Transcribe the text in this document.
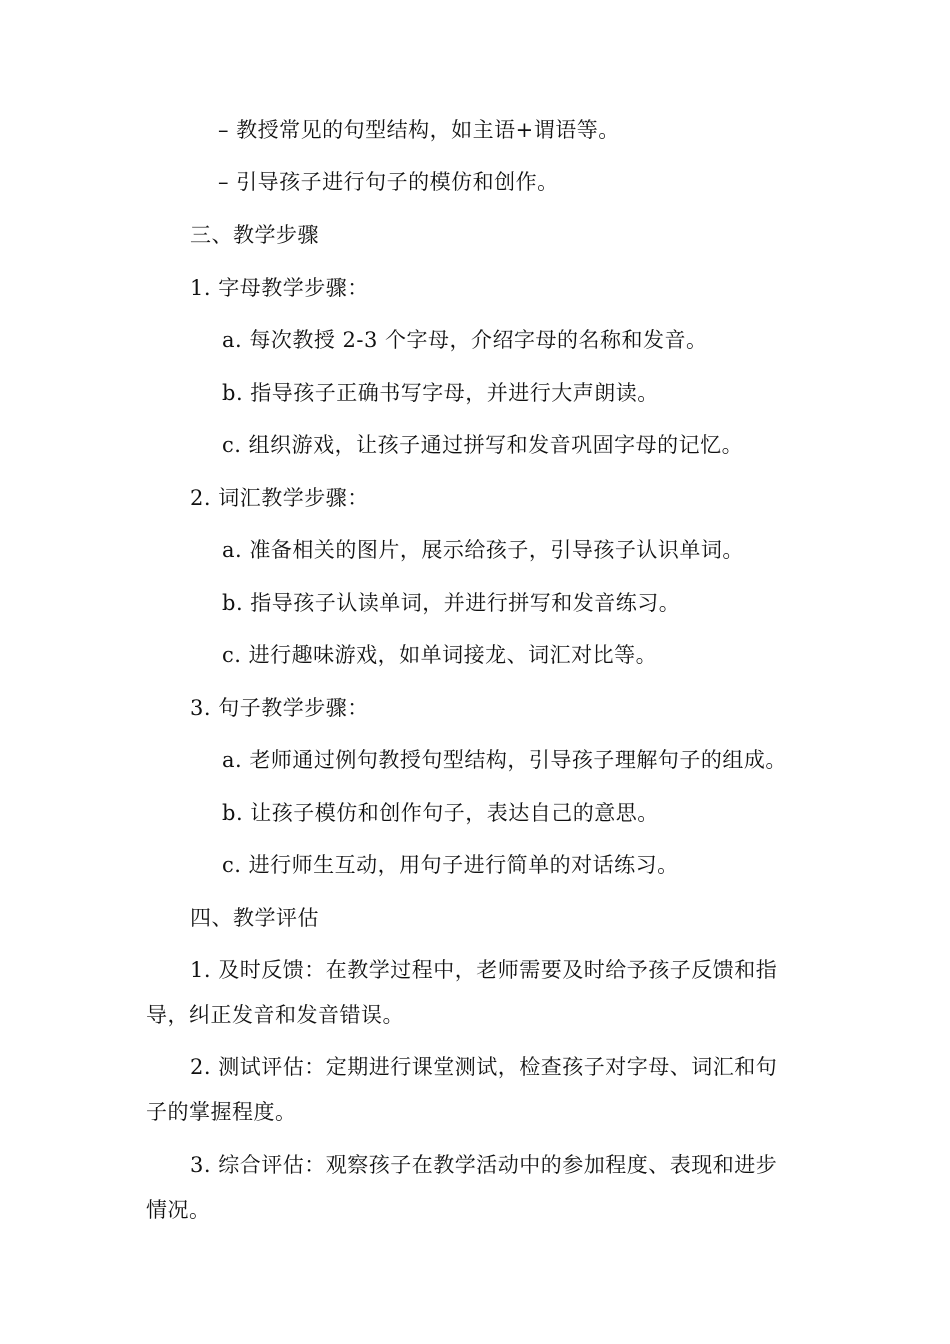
– 教授常见的句型结构，如主语+谓语等。

– 引导孩子进行句子的模仿和创作。

三、教学步骤

1. 字母教学步骤：

a. 每次教授 2-3 个字母，介绍字母的名称和发音。

b. 指导孩子正确书写字母，并进行大声朗读。

c. 组织游戏，让孩子通过拼写和发音巩固字母的记忆。

2. 词汇教学步骤：

a. 准备相关的图片，展示给孩子，引导孩子认识单词。

b. 指导孩子认读单词，并进行拼写和发音练习。

c. 进行趣味游戏，如单词接龙、词汇对比等。

3. 句子教学步骤：

a. 老师通过例句教授句型结构，引导孩子理解句子的组成。

b. 让孩子模仿和创作句子，表达自己的意思。

c. 进行师生互动，用句子进行简单的对话练习。

四、教学评估

1. 及时反馈：在教学过程中，老师需要及时给予孩子反馈和指

导，纠正发音和发音错误。

2. 测试评估：定期进行课堂测试，检查孩子对字母、词汇和句

子的掌握程度。

3. 综合评估：观察孩子在教学活动中的参加程度、表现和进步

情况。
